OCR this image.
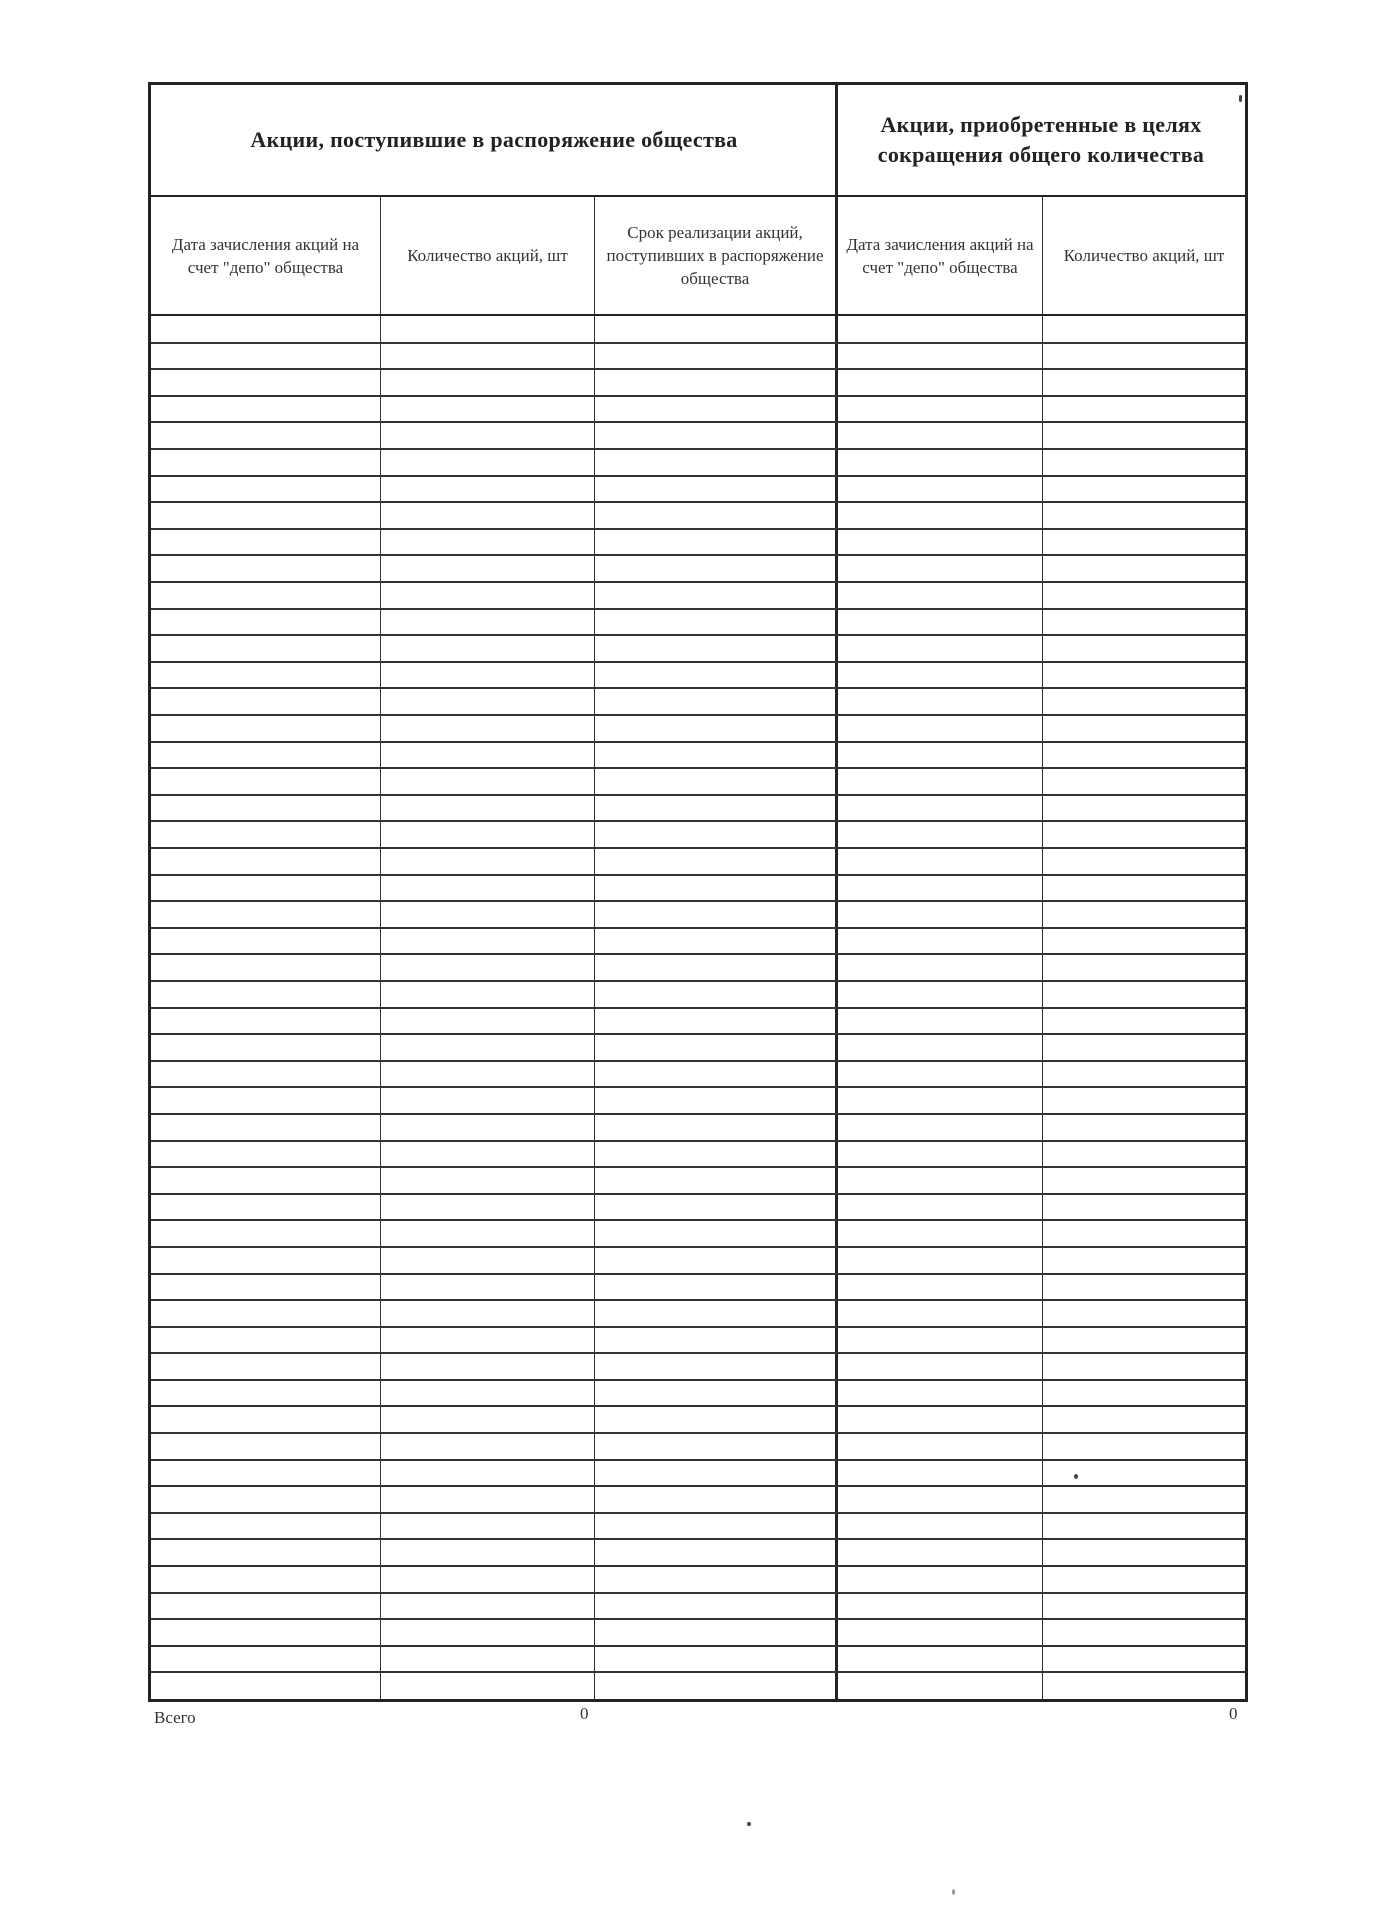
Акции, поступившие в распоряжение общества
Акции, приобретенные в целях сокращения общего количества
Дата зачисления акций на счет "депо" общества
Количество акций, шт
Срок реализации акций, поступивших в распоряжение общества
Дата зачисления акций на счет "депо" общества
Количество акций, шт
Всего	0	0
